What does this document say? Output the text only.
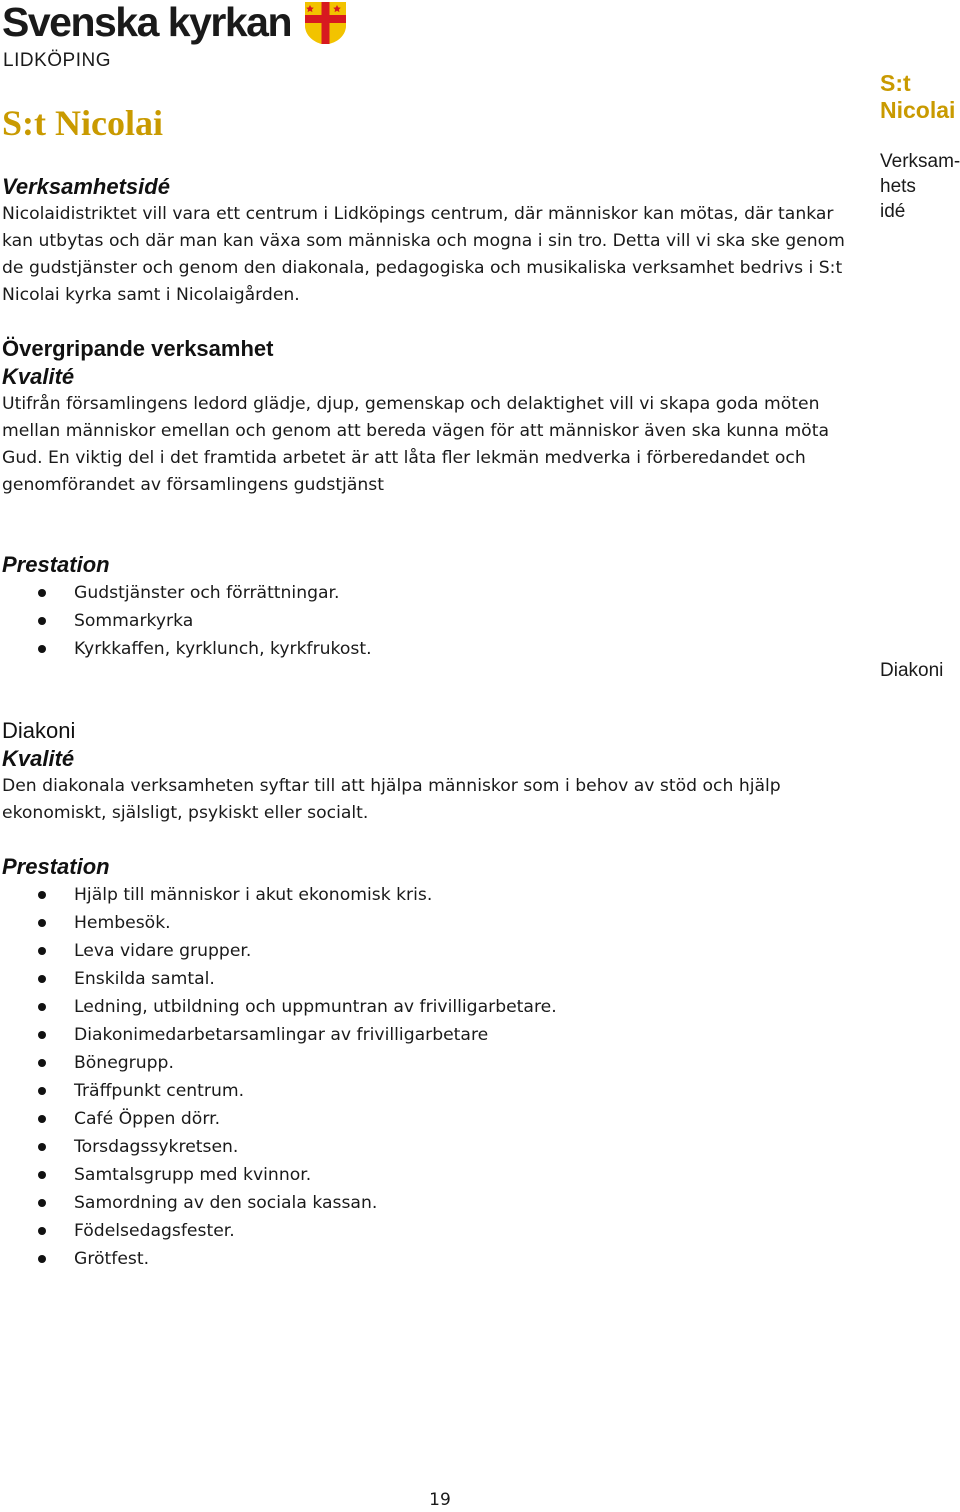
Svenska kyrkan
LIDKÖPING
S:t Nicolai
Verksamhetsidé

Nicolaidistriktet vill vara ett centrum i Lidköpings centrum, där människor kan mötas, där tankar kan utbytas och där man kan växa som människa och mogna i sin tro. Detta vill vi ska ske genom de gudstjänster och genom den diakonala, pedagogiska och musikaliska verksamhet bedrivs i S:t Nicolai kyrka samt i Nicolaigården.

Övergripande verksamhet
Kvalité

Utifrån församlingens ledord glädje, djup, gemenskap och delaktighet vill vi skapa goda möten mellan människor emellan och genom att bereda vägen för att människor även ska kunna möta Gud. En viktig del i det framtida arbetet är att låta fler lekmän medverka i förberedandet och genomförandet av församlingens gudstjänst

Prestation
Gudstjänster och förrättningar.
Sommarkyrka
Kyrkkaffen, kyrklunch, kyrkfrukost.
Diakoni
Kvalité

Den diakonala verksamheten syftar till att hjälpa människor som i behov av stöd och hjälp ekonomiskt, själsligt, psykiskt eller socialt.

Prestation
Hjälp till människor i akut ekonomisk kris.
Hembesök.
Leva vidare grupper.
Enskilda samtal.
Ledning, utbildning och uppmuntran av frivilligarbetare.
Diakonimedarbetarsamlingar av frivilligarbetare
Bönegrupp.
Träffpunkt centrum.
Café Öppen dörr.
Torsdagssykretsen.
Samtalsgrupp med kvinnor.
Samordning av den sociala kassan.
Födelsedagsfester.
Grötfest.
S:t Nicolai
Verksam-
hets
idé
Diakoni
19
